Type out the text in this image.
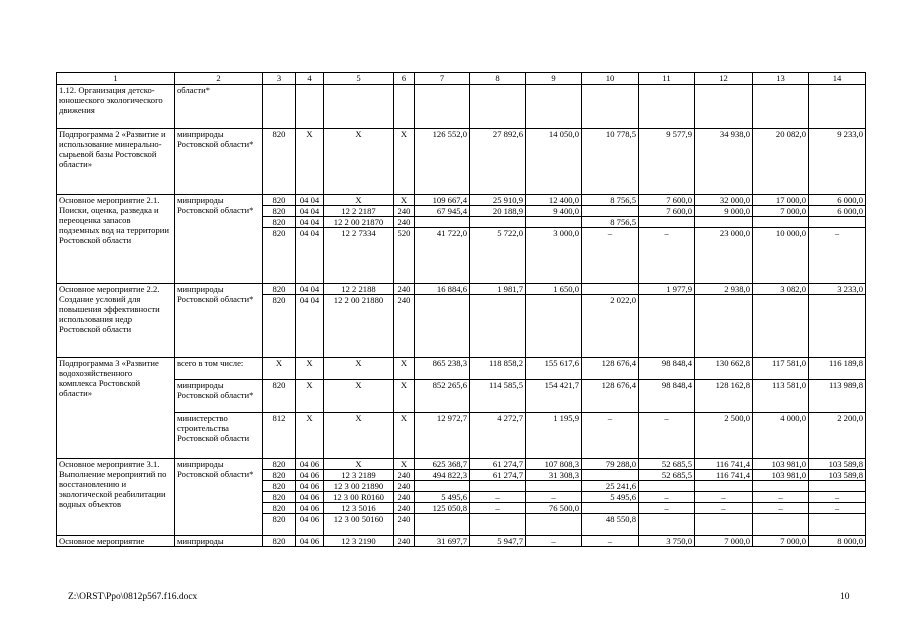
1	2	3	4	5	6	7	8	9	10	11	12	13	14
1.12. Организация детско-юношеского экологического движения	области*												
Подпрограмма 2 «Развитие и использование минерально-сырьевой базы Ростовской области»	минприроды Ростовской области*	820	Х	Х	Х	126 552,0	27 892,6	14 050,0	10 778,5	9 577,9	34 938,0	20 082,0	9 233,0
Основное мероприятие 2.1. Поиски, оценка, разведка и переоценка запасов подземных вод на территории Ростовской области	минприроды Ростовской области*	820	04 04	Х	Х	109 667,4	25 910,9	12 400,0	8 756,5	7 600,0	32 000,0	17 000,0	6 000,0
		820	04 04	12 2 2187	240	67 945,4	20 188,9	9 400,0		7 600,0	9 000,0	7 000,0	6 000,0
		820	04 04	12 2 00 21870	240				8 756,5				
		820	04 04	12 2 7334	520	41 722,0	5 722,0	3 000,0	–	–	23 000,0	10 000,0	–
Основное мероприятие 2.2. Создание условий для повышения эффективности использования недр Ростовской области	минприроды Ростовской области*	820	04 04	12 2 2188	240	16 884,6	1 981,7	1 650,0		1 977,9	2 938,0	3 082,0	3 233,0
		820	04 04	12 2 00 21880	240				2 022,0				
Подпрограмма 3 «Развитие водохозяйственного комплекса Ростовской области»	всего в том числе:	Х	Х	Х	Х	865 238,3	118 858,2	155 617,6	128 676,4	98 848,4	130 662,8	117 581,0	116 189,8
	минприроды Ростовской области*	820	Х	Х	Х	852 265,6	114 585,5	154 421,7	128 676,4	98 848,4	128 162,8	113 581,0	113 989,8
	министерство строительства Ростовской области	812	Х	Х	Х	12 972,7	4 272,7	1 195,9	–	–	2 500,0	4 000,0	2 200,0
Основное мероприятие 3.1. Выполнение мероприятий по восстановлению и экологической реабилитации водных объектов	минприроды Ростовской области*	820	04 06	Х	Х	625 368,7	61 274,7	107 808,3	79 288,0	52 685,5	116 741,4	103 981,0	103 589,8
		820	04 06	12 3 2189	240	494 822,3	61 274,7	31 308,3		52 685,5	116 741,4	103 981,0	103 589,8
		820	04 06	12 3 00 21890	240				25 241,6				
		820	04 06	12 3 00 R0160	240	5 495,6	–	–	5 495,6	–	–	–	–
		820	04 06	12 3 5016	240	125 050,8	–	76 500,0		–	–	–	–
		820	04 06	12 3 00 50160	240				48 550,8				
Основное мероприятие	минприроды	820	04 06	12 3 2190	240	31 697,7	5 947,7	–	–	3 750,0	7 000,0	7 000,0	8 000,0
Z:\ORST\Ppo\0812p567.f16.docx	10
